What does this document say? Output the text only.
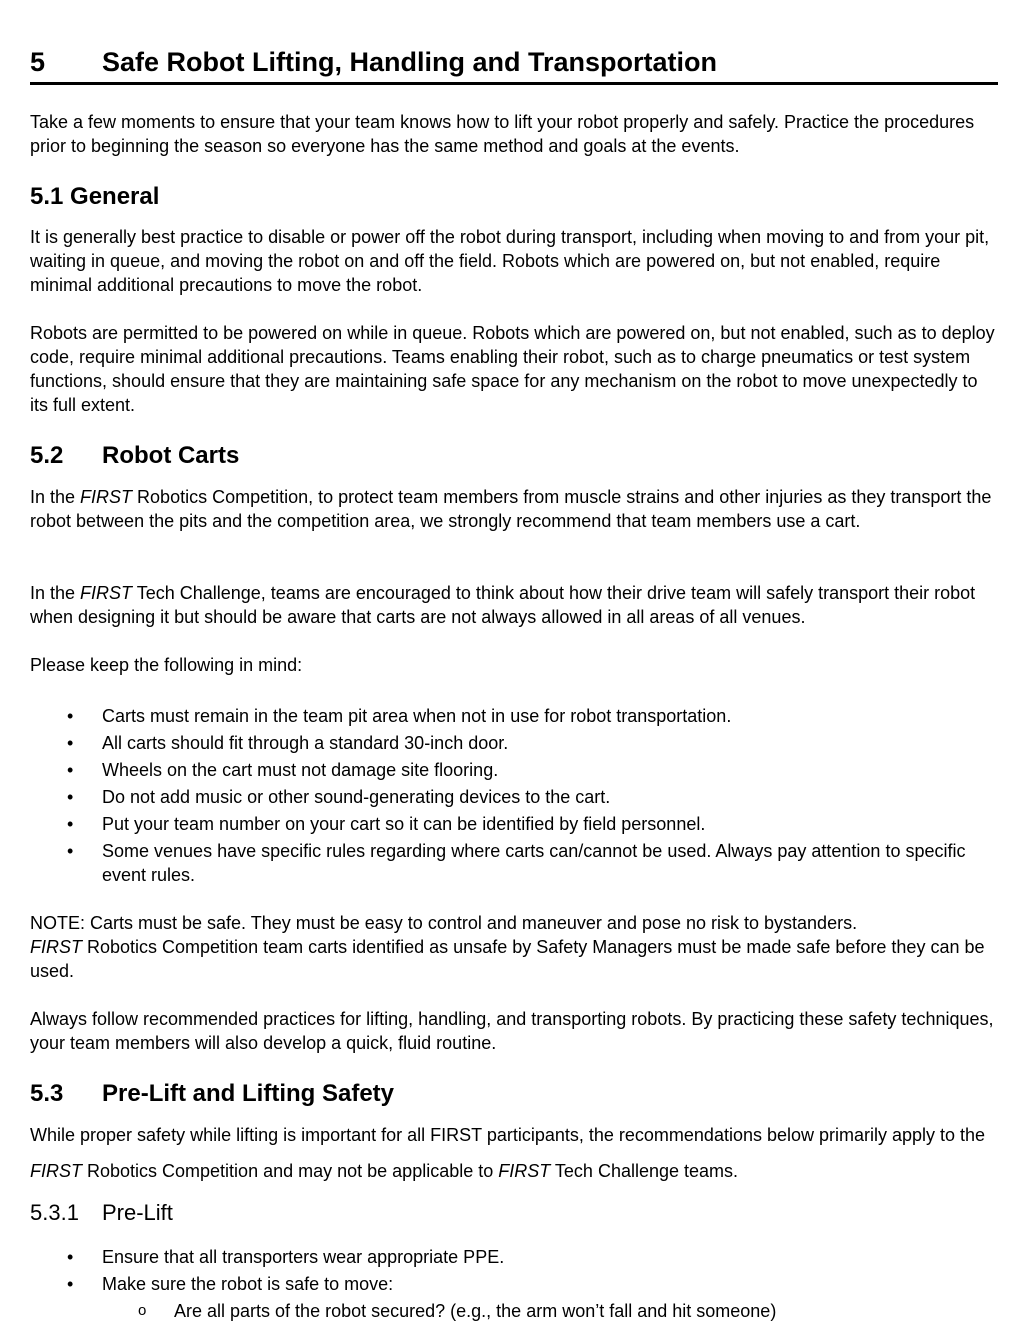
5 Safe Robot Lifting, Handling and Transportation

Take a few moments to ensure that your team knows how to lift your robot properly and safely. Practice the procedures prior to beginning the season so everyone has the same method and goals at the events.

5.1 General

It is generally best practice to disable or power off the robot during transport, including when moving to and from your pit, waiting in queue, and moving the robot on and off the field. Robots which are powered on, but not enabled, require minimal additional precautions to move the robot.

Robots are permitted to be powered on while in queue. Robots which are powered on, but not enabled, such as to deploy code, require minimal additional precautions. Teams enabling their robot, such as to charge pneumatics or test system functions, should ensure that they are maintaining safe space for any mechanism on the robot to move unexpectedly to its full extent.

5.2 Robot Carts

In the FIRST Robotics Competition, to protect team members from muscle strains and other injuries as they transport the robot between the pits and the competition area, we strongly recommend that team members use a cart.

In the FIRST Tech Challenge, teams are encouraged to think about how their drive team will safely transport their robot when designing it but should be aware that carts are not always allowed in all areas of all venues.

Please keep the following in mind:

• Carts must remain in the team pit area when not in use for robot transportation.
• All carts should fit through a standard 30-inch door.
• Wheels on the cart must not damage site flooring.
• Do not add music or other sound-generating devices to the cart.
• Put your team number on your cart so it can be identified by field personnel.
• Some venues have specific rules regarding where carts can/cannot be used. Always pay attention to specific event rules.

NOTE: Carts must be safe. They must be easy to control and maneuver and pose no risk to bystanders.
FIRST Robotics Competition team carts identified as unsafe by Safety Managers must be made safe before they can be used.

Always follow recommended practices for lifting, handling, and transporting robots. By practicing these safety techniques, your team members will also develop a quick, fluid routine.

5.3 Pre-Lift and Lifting Safety

While proper safety while lifting is important for all FIRST participants, the recommendations below primarily apply to the FIRST Robotics Competition and may not be applicable to FIRST Tech Challenge teams.

5.3.1 Pre-Lift
• Ensure that all transporters wear appropriate PPE.
• Make sure the robot is safe to move:
o Are all parts of the robot secured? (e.g., the arm won’t fall and hit someone)
